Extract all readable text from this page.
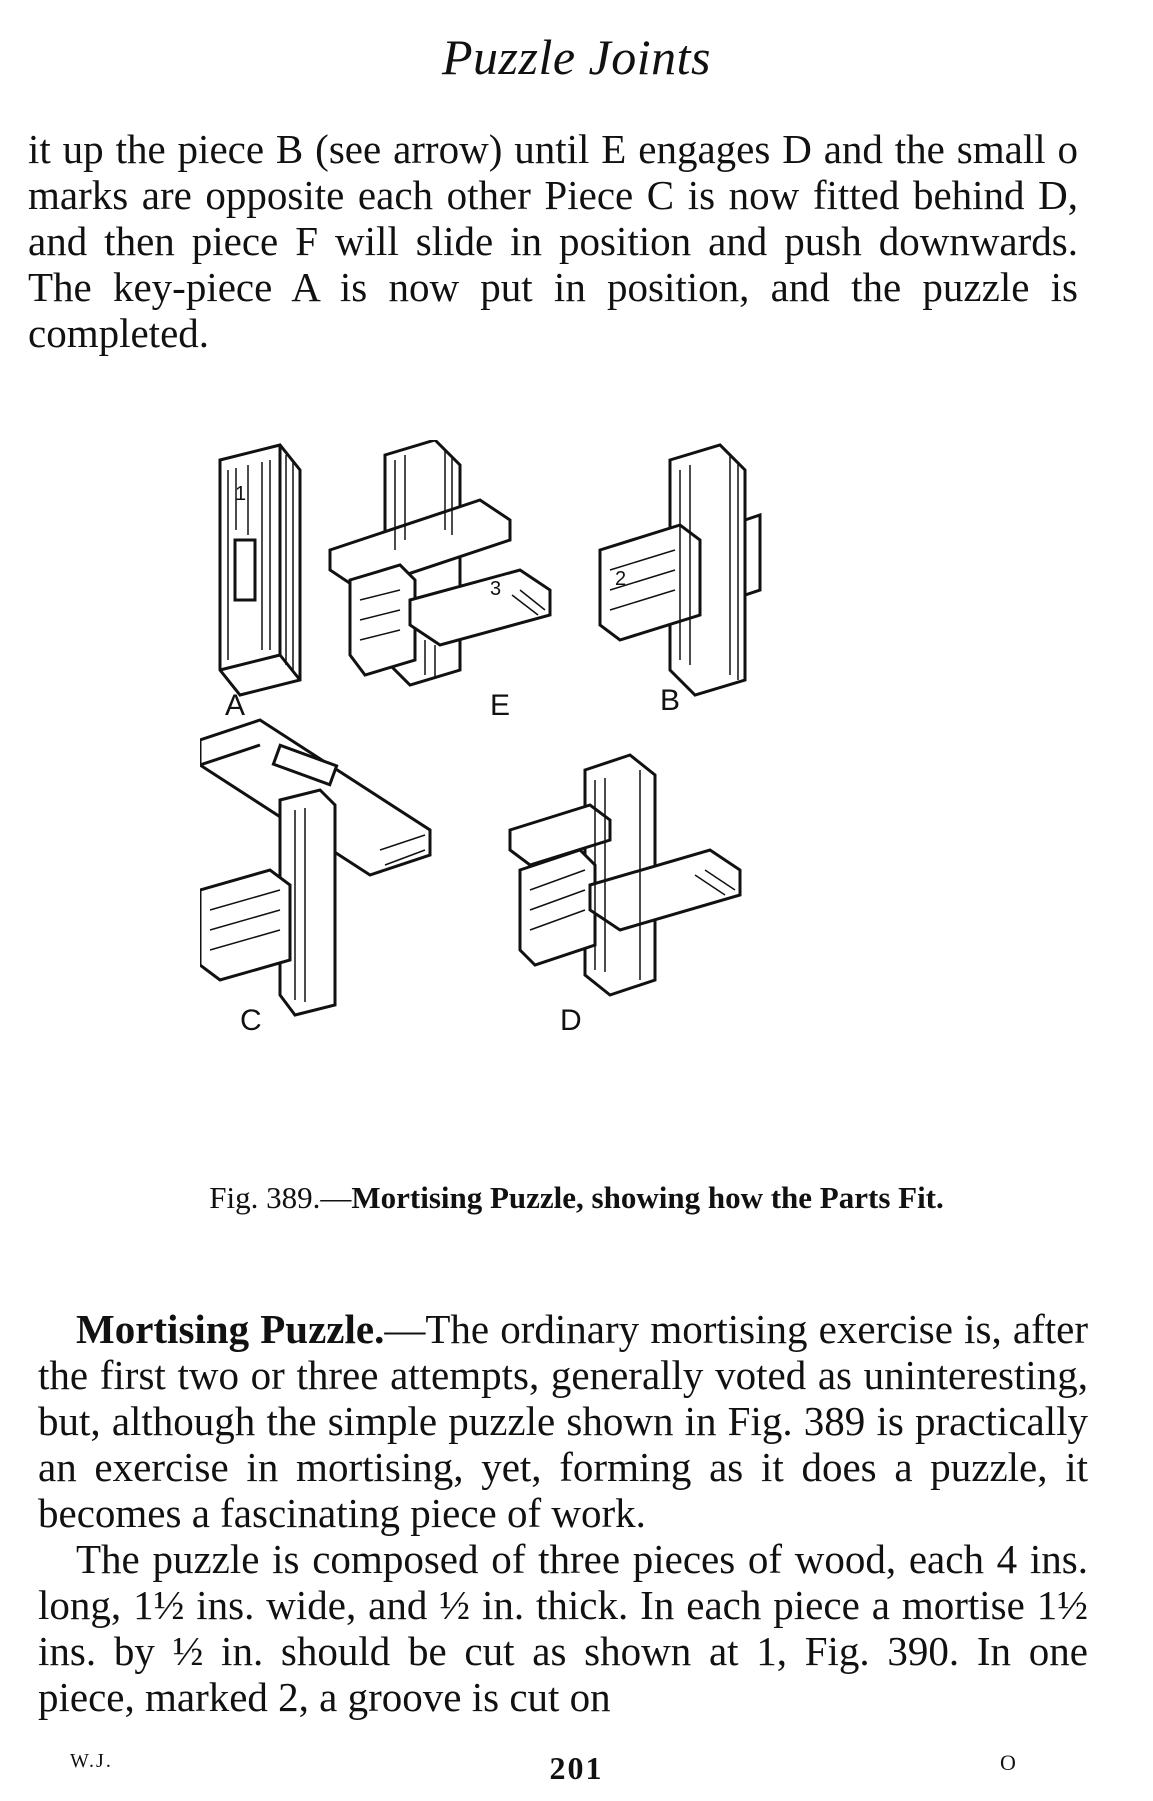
Puzzle Joints

it up the piece B (see arrow) until E engages D and the small o marks are opposite each other Piece C is now fitted behind D, and then piece F will slide in position and push downwards. The key-piece A is now put in position, and the puzzle is completed.

A	E	B
C	D
1
2
3
Fig. 389.—Mortising Puzzle, showing how the Parts Fit.

Mortising Puzzle.—The ordinary mortising exercise is, after the first two or three attempts, generally voted as uninteresting, but, although the simple puzzle shown in Fig. 389 is practically an exercise in mortising, yet, forming as it does a puzzle, it becomes a fascinating piece of work.

The puzzle is composed of three pieces of wood, each 4 ins. long, 1½ ins. wide, and ½ in. thick. In each piece a mortise 1½ ins. by ½ in. should be cut as shown at 1, Fig. 390. In one piece, marked 2, a groove is cut on

W.J.	201	O
